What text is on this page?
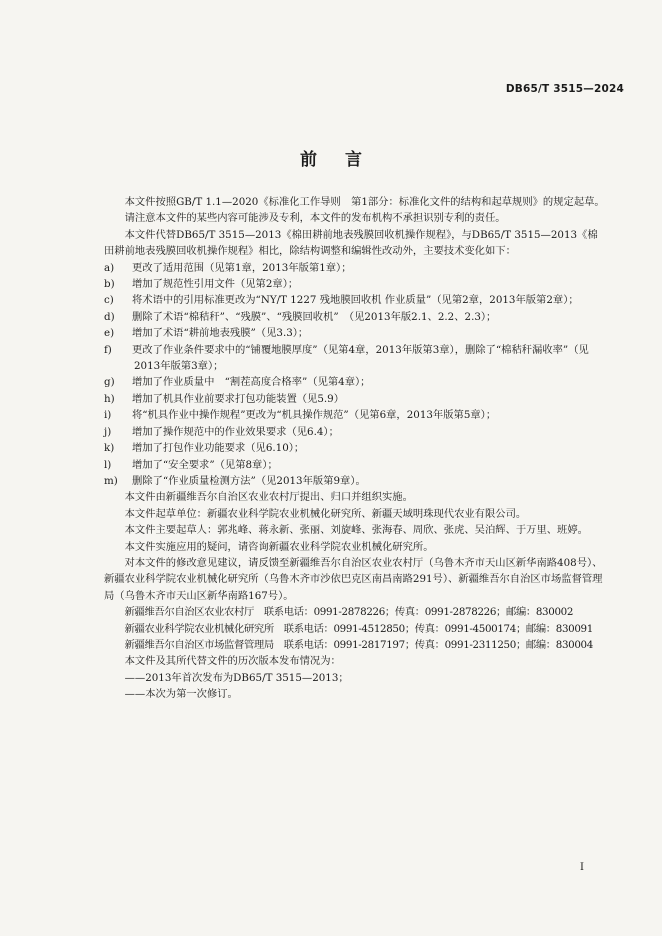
DB65/T 3515—2024
前言

本文件按照GB/T 1.1—2020《标准化工作导则　第1部分：标准化文件的结构和起草规则》的规定起草。

请注意本文件的某些内容可能涉及专利，本文件的发布机构不承担识别专利的责任。

本文件代替DB65/T 3515—2013《棉田耕前地表残膜回收机操作规程》，与DB65/T 3515—2013《棉田耕前地表残膜回收机操作规程》相比，除结构调整和编辑性改动外，主要技术变化如下：

a) 更改了适用范围（见第1章，2013年版第1章）；

b) 增加了规范性引用文件（见第2章）；

c) 将术语中的引用标准更改为“NY/T 1227 残地膜回收机 作业质量”（见第2章，2013年版第2章）；

d) 删除了术语“棉秸秆”、“残膜”、“残膜回收机”　（见2013年版2.1、2.2、2.3）；

e) 增加了术语“耕前地表残膜”（见3.3）；

f) 更改了作业条件要求中的“铺覆地膜厚度”（见第4章，2013年版第3章），删除了“棉秸秆漏收率”（见2013年版第3章）；

g) 增加了作业质量中　“割茬高度合格率”（见第4章）；

h) 增加了机具作业前要求打包功能装置（见5.9）

i) 将“机具作业中操作规程”更改为“机具操作规范”（见第6章，2013年版第5章）；

j) 增加了操作规范中的作业效果要求（见6.4）；

k) 增加了打包作业功能要求（见6.10）；

l) 增加了“安全要求”（见第8章）；

m) 删除了“作业质量检测方法”（见2013年版第9章）。

本文件由新疆维吾尔自治区农业农村厅提出、归口并组织实施。

本文件起草单位：新疆农业科学院农业机械化研究所、新疆天域明珠现代农业有限公司。

本文件主要起草人：郭兆峰、蒋永新、张丽、刘旋峰、张海春、周欣、张虎、吴泊辉、于万里、班婷。

本文件实施应用的疑问，请咨询新疆农业科学院农业机械化研究所。

对本文件的修改意见建议，请反馈至新疆维吾尔自治区农业农村厅（乌鲁木齐市天山区新华南路408号）、新疆农业科学院农业机械化研究所（乌鲁木齐市沙依巴克区南昌南路291号）、新疆维吾尔自治区市场监督管理局（乌鲁木齐市天山区新华南路167号）。

新疆维吾尔自治区农业农村厅　联系电话：0991-2878226；传真：0991-2878226；邮编：830002

新疆农业科学院农业机械化研究所　联系电话：0991-4512850；传真：0991-4500174；邮编：830091

新疆维吾尔自治区市场监督管理局　联系电话：0991-2817197；传真：0991-2311250；邮编：830004

本文件及其所代替文件的历次版本发布情况为：

——2013年首次发布为DB65/T 3515—2013；

——本次为第一次修订。

I
